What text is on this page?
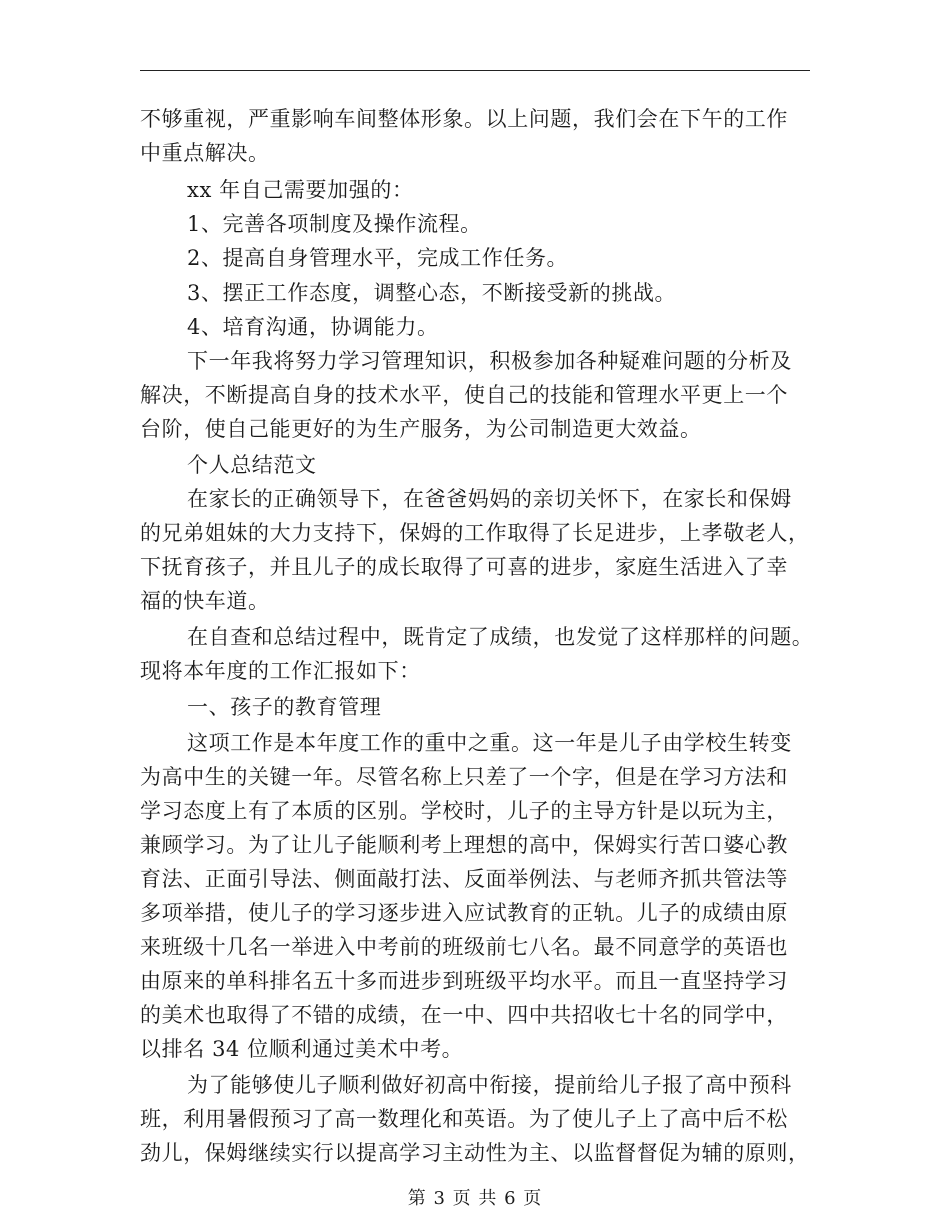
不够重视，严重影响车间整体形象。以上问题，我们会在下午的工作
中重点解决。
xx 年自己需要加强的：
1、完善各项制度及操作流程。
2、提高自身管理水平，完成工作任务。
3、摆正工作态度，调整心态，不断接受新的挑战。
4、培育沟通，协调能力。
下一年我将努力学习管理知识，积极参加各种疑难问题的分析及
解决，不断提高自身的技术水平，使自己的技能和管理水平更上一个
台阶，使自己能更好的为生产服务，为公司制造更大效益。
个人总结范文
在家长的正确领导下，在爸爸妈妈的亲切关怀下，在家长和保姆
的兄弟姐妹的大力支持下，保姆的工作取得了长足进步，上孝敬老人，
下抚育孩子，并且儿子的成长取得了可喜的进步，家庭生活进入了幸
福的快车道。
在自查和总结过程中，既肯定了成绩，也发觉了这样那样的问题。
现将本年度的工作汇报如下：
一、孩子的教育管理
这项工作是本年度工作的重中之重。这一年是儿子由学校生转变
为高中生的关键一年。尽管名称上只差了一个字，但是在学习方法和
学习态度上有了本质的区别。学校时，儿子的主导方针是以玩为主，
兼顾学习。为了让儿子能顺利考上理想的高中，保姆实行苦口婆心教
育法、正面引导法、侧面敲打法、反面举例法、与老师齐抓共管法等
多项举措，使儿子的学习逐步进入应试教育的正轨。儿子的成绩由原
来班级十几名一举进入中考前的班级前七八名。最不同意学的英语也
由原来的单科排名五十多而进步到班级平均水平。而且一直坚持学习
的美术也取得了不错的成绩，在一中、四中共招收七十名的同学中，
以排名 34 位顺利通过美术中考。
为了能够使儿子顺利做好初高中衔接，提前给儿子报了高中预科
班，利用暑假预习了高一数理化和英语。为了使儿子上了高中后不松
劲儿，保姆继续实行以提高学习主动性为主、以监督督促为辅的原则，
第 3 页 共 6 页
